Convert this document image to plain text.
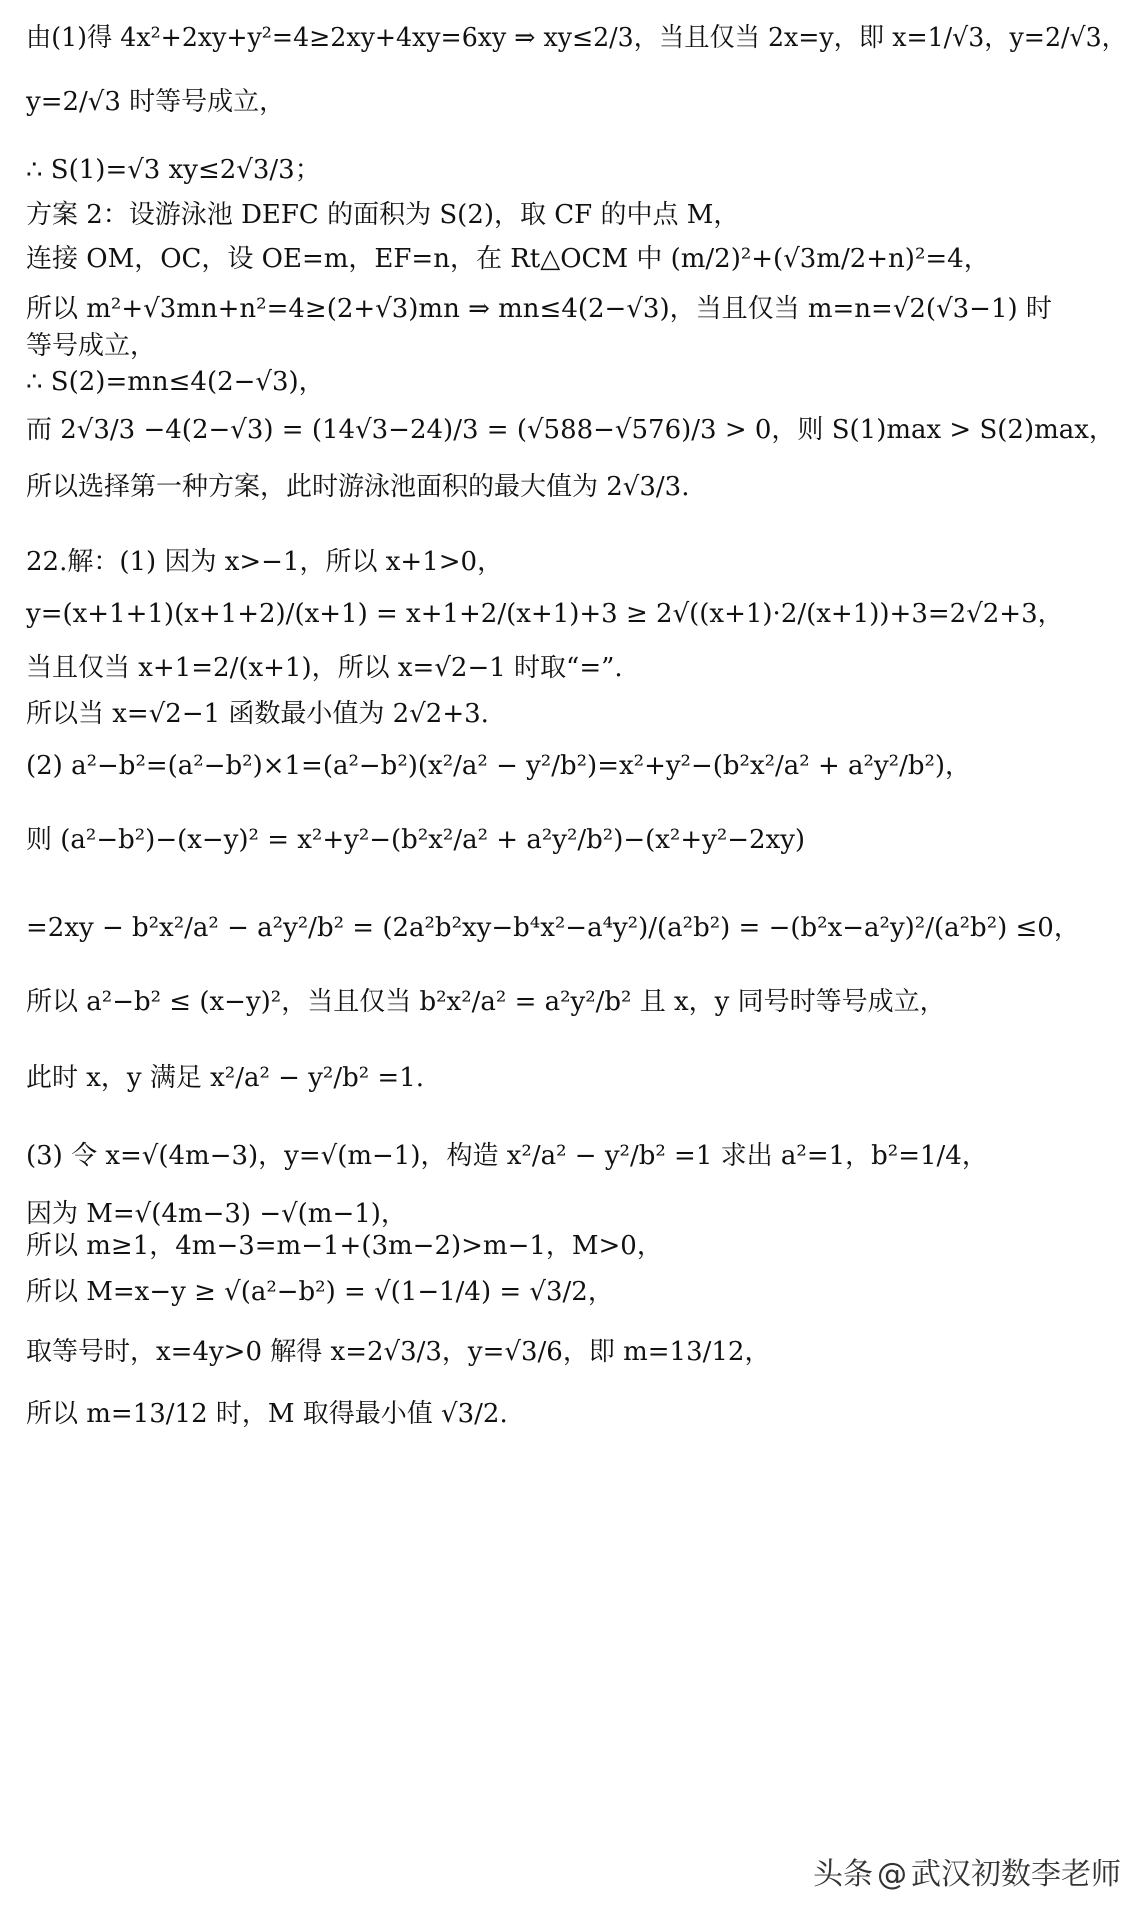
由(1)得 4x²+2xy+y²=4≥2xy+4xy=6xy ⇒ xy≤2/3，当且仅当 2x=y，即 x=1/√3，y=2/√3，
y=2/√3 时等号成立，
∴ S(1)=√3 xy≤2√3/3；
方案 2：设游泳池 DEFC 的面积为 S(2)，取 CF 的中点 M，
连接 OM，OC，设 OE=m，EF=n，在 Rt△OCM 中 (m/2)²+(√3m/2+n)²=4，
所以 m²+√3mn+n²=4≥(2+√3)mn ⇒ mn≤4(2−√3)，当且仅当 m=n=√2(√3−1) 时
等号成立，
∴ S(2)=mn≤4(2−√3)，
而 2√3/3 −4(2−√3) = (14√3−24)/3 = (√588−√576)/3 > 0，则 S(1)max > S(2)max，
所以选择第一种方案，此时游泳池面积的最大值为 2√3/3.
22.解：(1) 因为 x>−1，所以 x+1>0，
y=(x+1+1)(x+1+2)/(x+1) = x+1+2/(x+1)+3 ≥ 2√((x+1)·2/(x+1))+3=2√2+3，
当且仅当 x+1=2/(x+1)，所以 x=√2−1 时取“=”.
所以当 x=√2−1 函数最小值为 2√2+3.
(2) a²−b²=(a²−b²)×1=(a²−b²)(x²/a² − y²/b²)=x²+y²−(b²x²/a² + a²y²/b²)，
则 (a²−b²)−(x−y)² = x²+y²−(b²x²/a² + a²y²/b²)−(x²+y²−2xy)
=2xy − b²x²/a² − a²y²/b² = (2a²b²xy−b⁴x²−a⁴y²)/(a²b²) = −(b²x−a²y)²/(a²b²) ≤0，
所以 a²−b² ≤ (x−y)²，当且仅当 b²x²/a² = a²y²/b² 且 x，y 同号时等号成立，
此时 x，y 满足 x²/a² − y²/b² =1.
(3) 令 x=√(4m−3)，y=√(m−1)，构造 x²/a² − y²/b² =1 求出 a²=1，b²=1/4，
因为 M=√(4m−3) −√(m−1)，
所以 m≥1，4m−3=m−1+(3m−2)>m−1，M>0，
所以 M=x−y ≥ √(a²−b²) = √(1−1/4) = √3/2，
取等号时，x=4y>0 解得 x=2√3/3，y=√3/6，即 m=13/12，
所以 m=13/12 时，M 取得最小值 √3/2.
头条 @ 武汉初数李老师
